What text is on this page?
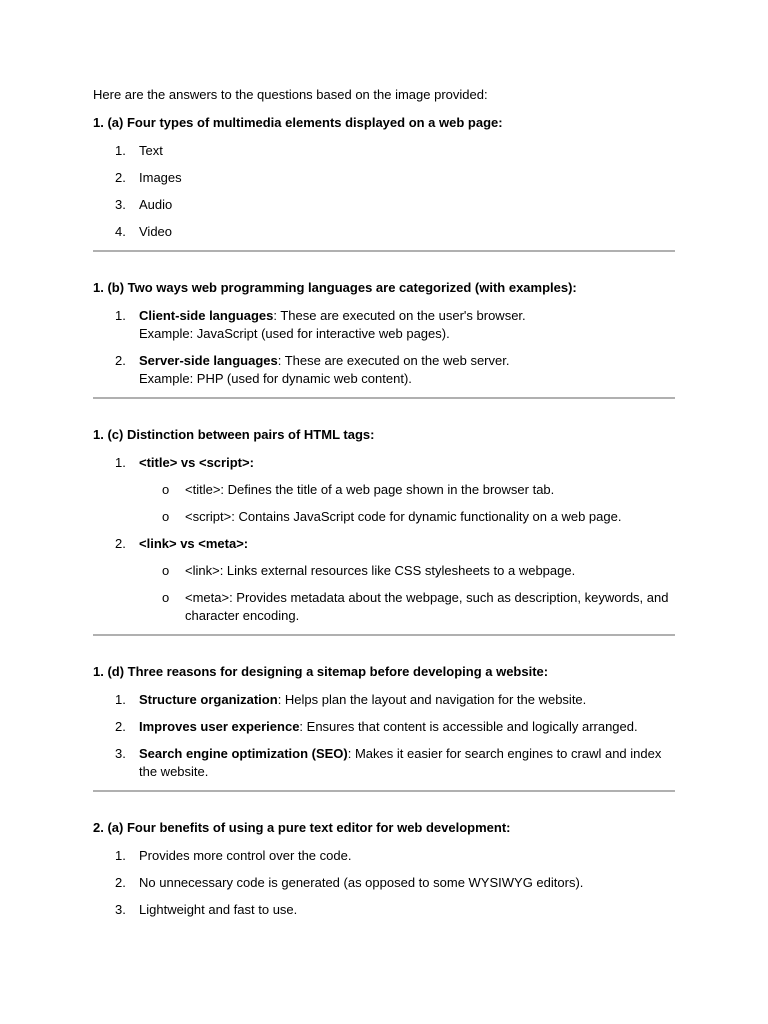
Here are the answers to the questions based on the image provided:

1. (a) Four types of multimedia elements displayed on a web page:

1.	Text
2.	Images
3.	Audio
4.	Video

1. (b) Two ways web programming languages are categorized (with examples):

1.	Client-side languages: These are executed on the user's browser.
Example: JavaScript (used for interactive web pages).
2.	Server-side languages: These are executed on the web server.
Example: PHP (used for dynamic web content).

1. (c) Distinction between pairs of HTML tags:

1.	<title> vs <script>:
o <title>: Defines the title of a web page shown in the browser tab.
o <script>: Contains JavaScript code for dynamic functionality on a web page.
2.	<link> vs <meta>:
o <link>: Links external resources like CSS stylesheets to a webpage.
o <meta>: Provides metadata about the webpage, such as description, keywords, and character encoding.

1. (d) Three reasons for designing a sitemap before developing a website:

1.	Structure organization: Helps plan the layout and navigation for the website.
2.	Improves user experience: Ensures that content is accessible and logically arranged.
3.	Search engine optimization (SEO): Makes it easier for search engines to crawl and index the website.

2. (a) Four benefits of using a pure text editor for web development:

1.	Provides more control over the code.
2.	No unnecessary code is generated (as opposed to some WYSIWYG editors).
3.	Lightweight and fast to use.
